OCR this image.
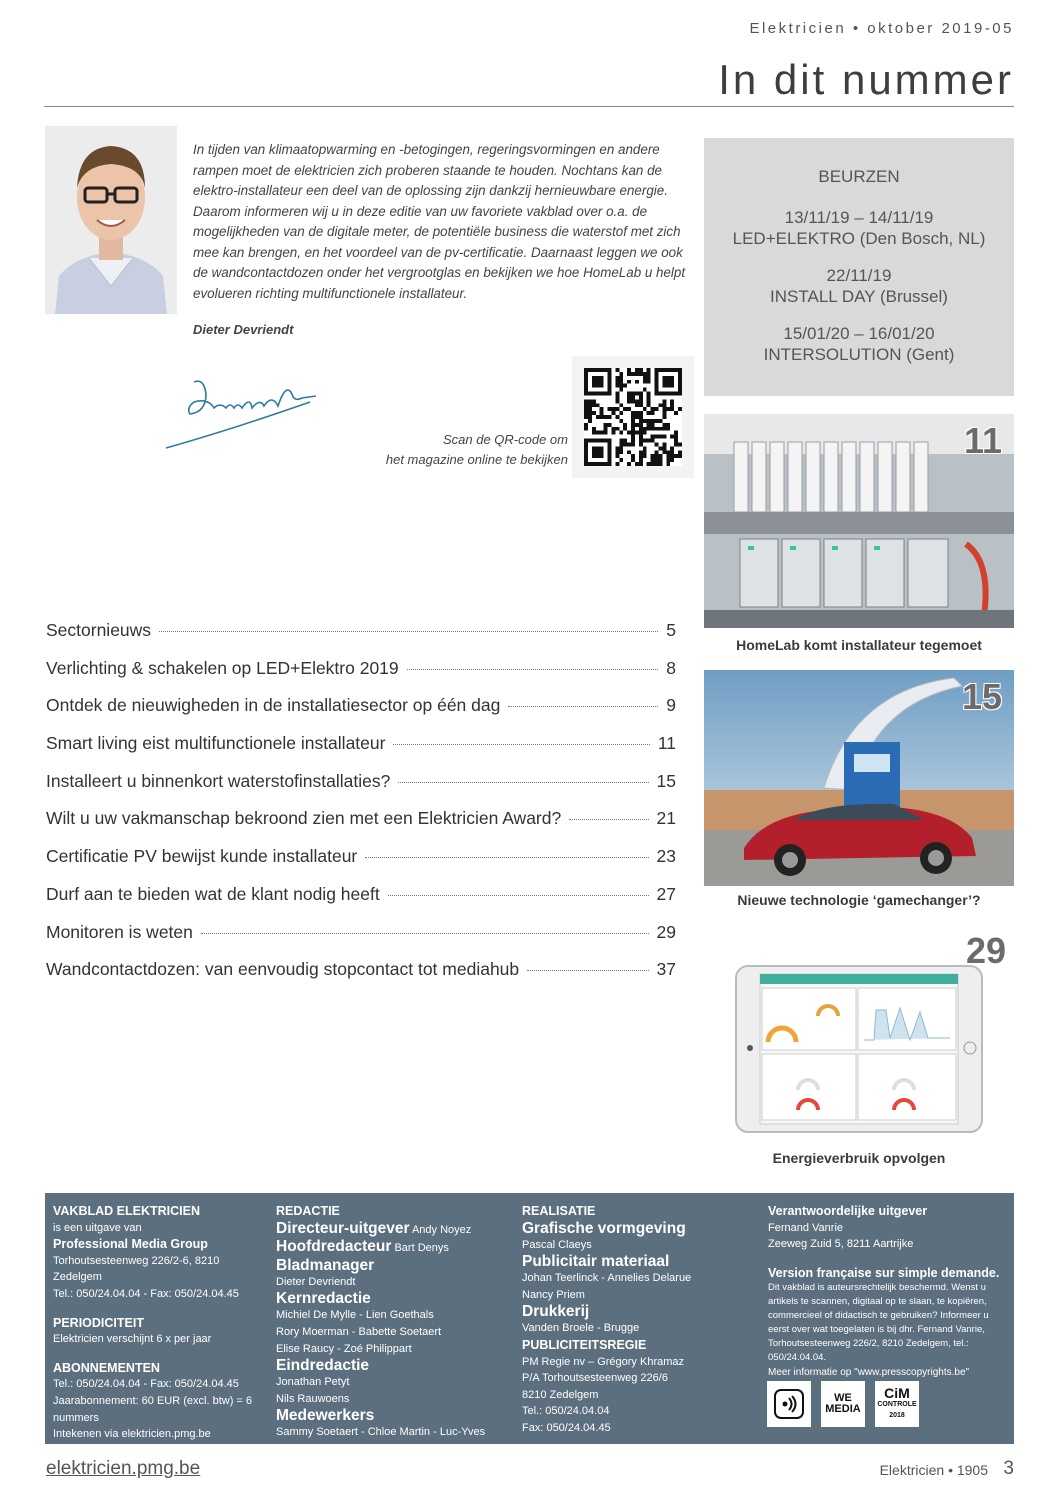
Elektricien • oktober 2019-05
In dit nummer
In tijden van klimaatopwarming en -betogingen, regeringsvormingen en andere rampen moet de elektricien zich proberen staande te houden. Nochtans kan de elektro-installateur een deel van de oplossing zijn dankzij hernieuwbare energie. Daarom informeren wij u in deze editie van uw favoriete vakblad over o.a. de mogelijkheden van de digitale meter, de potentiële business die waterstof met zich mee kan brengen, en het voordeel van de pv-certificatie. Daarnaast leggen we ook de wandcontactdozen onder het vergrootglas en bekijken we hoe HomeLab u helpt evolueren richting multifunctionele installateur.
Dieter Devriendt
Scan de QR-code om
het magazine online te bekijken
BEURZEN
13/11/19 – 14/11/19
LED+ELEKTRO (Den Bosch, NL)
22/11/19
INSTALL DAY (Brussel)
15/01/20 – 16/01/20
INTERSOLUTION (Gent)
11
HomeLab komt installateur tegemoet
15
Nieuwe technologie ‘gamechanger’?
29
Energieverbruik opvolgen
Sectornieuws	5
Verlichting & schakelen op LED+Elektro 2019	8
Ontdek de nieuwigheden in de installatiesector op één dag	9
Smart living eist multifunctionele installateur	11
Installeert u binnenkort waterstofinstallaties?	15
Wilt u uw vakmanschap bekroond zien met een Elektricien Award?	21
Certificatie PV bewijst kunde installateur	23
Durf aan te bieden wat de klant nodig heeft	27
Monitoren is weten	29
Wandcontactdozen: van eenvoudig stopcontact tot mediahub	37
VAKBLAD ELEKTRICIEN
is een uitgave van
Professional Media Group
Torhoutsesteenweg 226/2-6, 8210 Zedelgem
Tel.: 050/24.04.04 - Fax: 050/24.04.45
PERIODICITEIT
Elektricien verschijnt 6 x per jaar
ABONNEMENTEN
Tel.: 050/24.04.04 - Fax: 050/24.04.45
Jaarabonnement: 60 EUR (excl. btw) = 6 nummers
Intekenen via elektricien.pmg.be
of mail naar abo@pmgroup.be
REDACTIE
Directeur-uitgever Andy Noyez
Hoofdredacteur Bart Denys
Bladmanager
Dieter Devriendt
Kernredactie
Michiel De Mylle - Lien Goethals
Rory Moerman - Babette Soetaert
Elise Raucy - Zoé Philippart
Eindredactie
Jonathan Petyt
Nils Rauwoens
Medewerkers
Sammy Soetaert - Chloe Martin - Luc-Yves Ophals
REALISATIE
Grafische vormgeving
Pascal Claeys
Publicitair materiaal
Johan Teerlinck - Annelies Delaruе
Nancy Priem
Drukkerij
Vanden Broele - Brugge
PUBLICITEITSREGIE
PM Regie nv – Grégory Khramaz
P/A Torhoutsesteenweg 226/6
8210 Zedelgem
Tel.: 050/24.04.04
Fax: 050/24.04.45
Verantwoordelijke uitgever
Fernand Vanrie
Zeeweg Zuid 5, 8211 Aartrijke
Version française sur simple demande.
Dit vakblad is auteursrechtelijk beschermd. Wenst u artikels te scannen, digitaal op te slaan, te kopiëren, commercieel of didactisch te gebruiken? Informeer u eerst over wat toegelaten is bij dhr. Fernand Vanrie, Torhoutsesteenweg 226/2, 8210 Zedelgem, tel.: 050/24.04.04.
Meer informatie op "www.presscopyrights.be"
WE MEDIA
CiM
CONTROLE 2018
elektricien.pmg.be	Elektricien • 1905 3
